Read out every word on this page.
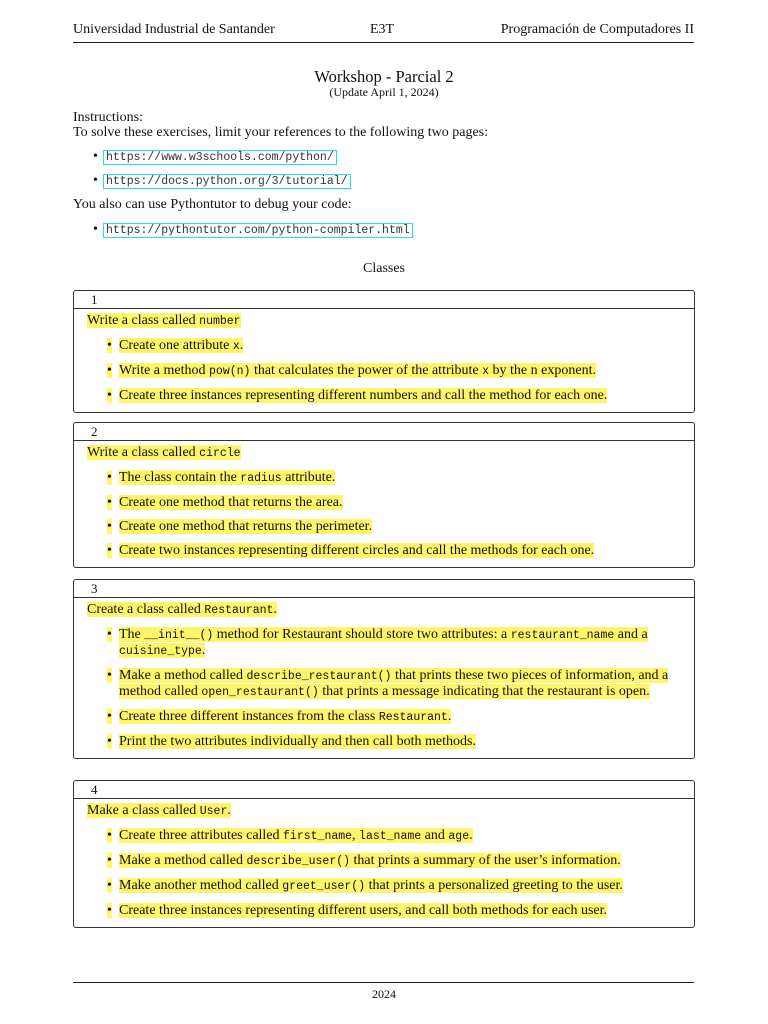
Universidad Industrial de Santander	E3T	Programación de Computadores II
Workshop - Parcial 2
(Update April 1, 2024)
Instructions:
To solve these exercises, limit your references to the following two pages:
• https://www.w3schools.com/python/
• https://docs.python.org/3/tutorial/
You also can use Pythontutor to debug your code:
• https://pythontutor.com/python-compiler.html
Classes
1
Write a class called number
• Create one attribute x.
• Write a method pow(n) that calculates the power of the attribute x by the n exponent.
• Create three instances representing different numbers and call the method for each one.
2
Write a class called circle
• The class contain the radius attribute.
• Create one method that returns the area.
• Create one method that returns the perimeter.
• Create two instances representing different circles and call the methods for each one.
3
Create a class called Restaurant.
• The __init__() method for Restaurant should store two attributes: a restaurant_name and a cuisine_type.
• Make a method called describe_restaurant() that prints these two pieces of information, and a method called open_restaurant() that prints a message indicating that the restaurant is open.
• Create three different instances from the class Restaurant.
• Print the two attributes individually and then call both methods.
4
Make a class called User.
• Create three attributes called first_name, last_name and age.
• Make a method called describe_user() that prints a summary of the user’s information.
• Make another method called greet_user() that prints a personalized greeting to the user.
• Create three instances representing different users, and call both methods for each user.
2024
